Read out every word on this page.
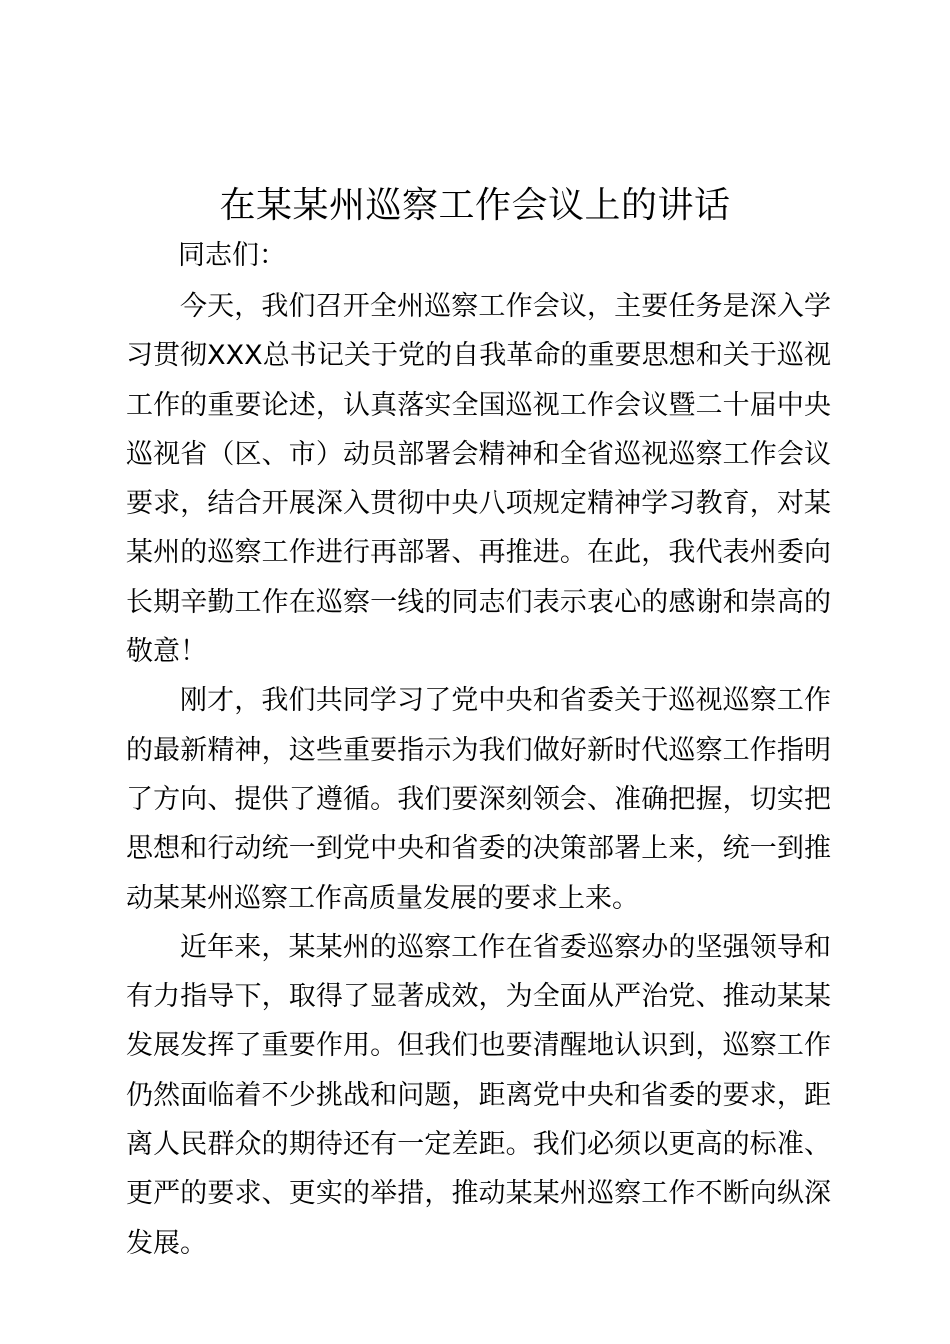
在某某州巡察工作会议上的讲话

同志们：

今天，我们召开全州巡察工作会议，主要任务是深入学习贯彻XXX总书记关于党的自我革命的重要思想和关于巡视工作的重要论述，认真落实全国巡视工作会议暨二十届中央巡视省（区、市）动员部署会精神和全省巡视巡察工作会议要求，结合开展深入贯彻中央八项规定精神学习教育，对某某州的巡察工作进行再部署、再推进。在此，我代表州委向长期辛勤工作在巡察一线的同志们表示衷心的感谢和崇高的敬意！

刚才，我们共同学习了党中央和省委关于巡视巡察工作的最新精神，这些重要指示为我们做好新时代巡察工作指明了方向、提供了遵循。我们要深刻领会、准确把握，切实把思想和行动统一到党中央和省委的决策部署上来，统一到推动某某州巡察工作高质量发展的要求上来。

近年来，某某州的巡察工作在省委巡察办的坚强领导和有力指导下，取得了显著成效，为全面从严治党、推动某某发展发挥了重要作用。但我们也要清醒地认识到，巡察工作仍然面临着不少挑战和问题，距离党中央和省委的要求，距离人民群众的期待还有一定差距。我们必须以更高的标准、更严的要求、更实的举措，推动某某州巡察工作不断向纵深发展。
